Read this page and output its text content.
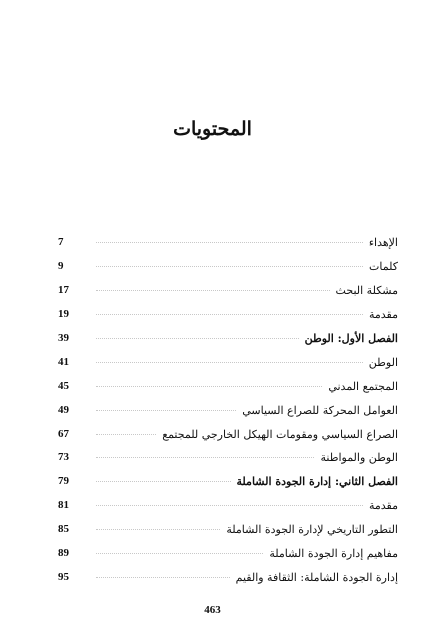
المحتويات
7	الإهداء
9	كلمات
17	مشكلة البحث
19	مقدمة
39	الفصل الأول: الوطن
41	الوطن
45	المجتمع المدني
49	العوامل المحركة للصراع السياسي
67	الصراع السياسي ومقومات الهيكل الخارجي للمجتمع
73	الوطن والمواطنة
79	الفصل الثاني: إدارة الجودة الشاملة
81	مقدمة
85	التطور التاريخي لإدارة الجودة الشاملة
89	مفاهيم إدارة الجودة الشاملة
95	إدارة الجودة الشاملة: الثقافة والقيم
463
